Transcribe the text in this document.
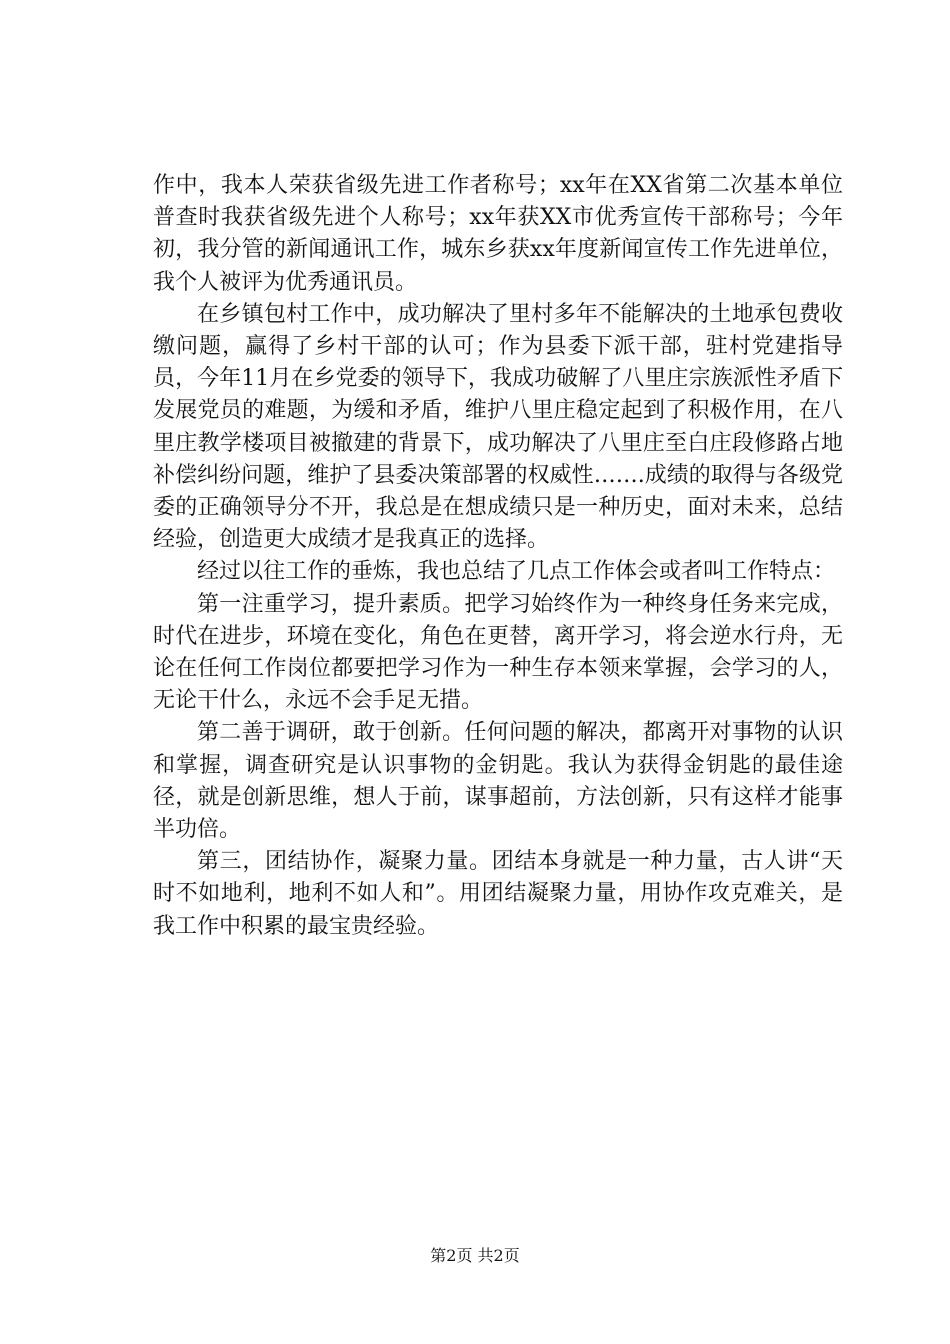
作中，我本人荣获省级先进工作者称号；xx年在XX省第二次基本单位普查时我获省级先进个人称号；xx年获XX市优秀宣传干部称号；今年初，我分管的新闻通讯工作，城东乡获xx年度新闻宣传工作先进单位，我个人被评为优秀通讯员。

在乡镇包村工作中，成功解决了里村多年不能解决的土地承包费收缴问题，赢得了乡村干部的认可；作为县委下派干部，驻村党建指导员，今年11月在乡党委的领导下，我成功破解了八里庄宗族派性矛盾下发展党员的难题，为缓和矛盾，维护八里庄稳定起到了积极作用，在八里庄教学楼项目被撤建的背景下，成功解决了八里庄至白庄段修路占地补偿纠纷问题，维护了县委决策部署的权威性…….成绩的取得与各级党委的正确领导分不开，我总是在想成绩只是一种历史，面对未来，总结经验，创造更大成绩才是我真正的选择。

经过以往工作的垂炼，我也总结了几点工作体会或者叫工作特点：

第一注重学习，提升素质。把学习始终作为一种终身任务来完成，时代在进步，环境在变化，角色在更替，离开学习，将会逆水行舟，无论在任何工作岗位都要把学习作为一种生存本领来掌握，会学习的人，无论干什么，永远不会手足无措。

第二善于调研，敢于创新。任何问题的解决，都离开对事物的认识和掌握，调查研究是认识事物的金钥匙。我认为获得金钥匙的最佳途径，就是创新思维，想人于前，谋事超前，方法创新，只有这样才能事半功倍。

第三，团结协作，凝聚力量。团结本身就是一种力量，古人讲“天时不如地利，地利不如人和”。用团结凝聚力量，用协作攻克难关，是我工作中积累的最宝贵经验。

第2页 共2页
